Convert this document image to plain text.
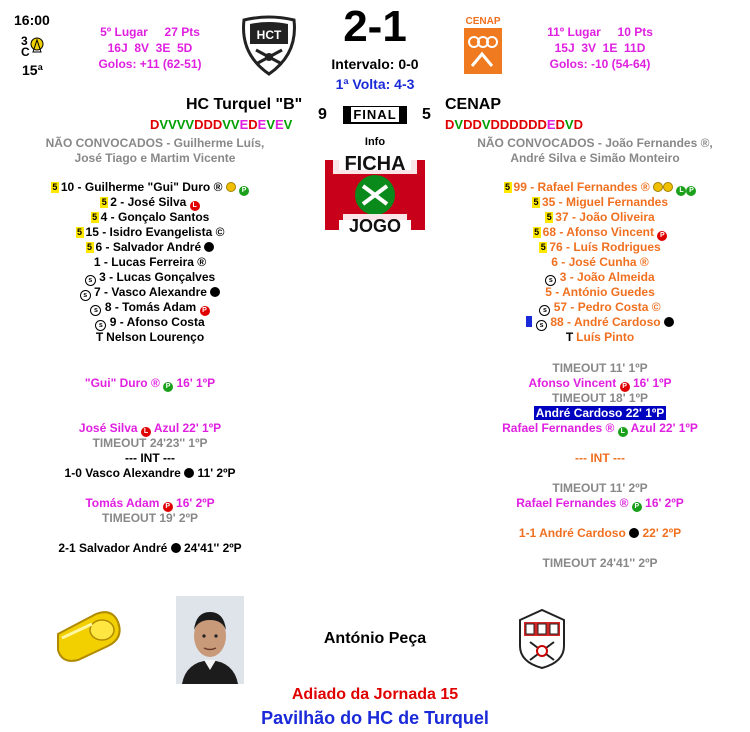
16:00
3
C
15ª
5º Lugar     27 Pts
16J  8V  3E  5D
Golos: +11 (62-51)
HCT	2-1
Intervalo: 0-0
1ª Volta: 4-3
CENAP
11º Lugar     10 Pts
15J  3V  1E  11D
Golos: -10 (54-64)
HC Turquel "B"	CENAP
9	FINAL	5
DVVVVDDDVVEDEVEV	DVDDVDDDDDDEDVD
Info
FICHA
JOGO
NÃO CONVOCADOS - Guilherme Luís,
José Tiago e Martim Vicente
NÃO CONVOCADOS - João Fernandes ®,
André Silva e Simão Monteiro
5 10 - Guilherme "Gui" Duro ®	P
5 2 - José Silva L
5 4 - Gonçalo Santos
5 15 - Isidro Evangelista ©
5 6 - Salvador André
1 - Lucas Ferreira ®
s 3 - Lucas Gonçalves
s 7 - Vasco Alexandre
s 8 - Tomás Adam P
s 9 - Afonso Costa
T Nelson Lourenço
5 99 - Rafael Fernandes ®	L P
5 35 - Miguel Fernandes
5 37 - João Oliveira
5 68 - Afonso Vincent P
5 76 - Luís Rodrigues
6 - José Cunha ®
s 3 - João Almeida
5 - António Guedes
s 57 - Pedro Costa ©
s 88 - André Cardoso
T Luís Pinto
"Gui" Duro ® P 16' 1ºP
José Silva L Azul 22' 1ºP
TIMEOUT 24'23'' 1ºP
--- INT ---
1-0 Vasco Alexandre 11' 2ºP
Tomás Adam P 16' 2ºP
TIMEOUT 19' 2ºP
2-1 Salvador André 24'41'' 2ºP
TIMEOUT 11' 1ºP
Afonso Vincent P 16' 1ºP
TIMEOUT 18' 1ºP
André Cardoso 22' 1ºP
Rafael Fernandes ® L Azul 22' 1ºP
--- INT ---
TIMEOUT 11' 2ºP
Rafael Fernandes ® P 16' 2ºP
1-1 André Cardoso 22' 2ºP
TIMEOUT 24'41'' 2ºP
António Peça
Adiado da Jornada 15
Pavilhão do HC de Turquel
